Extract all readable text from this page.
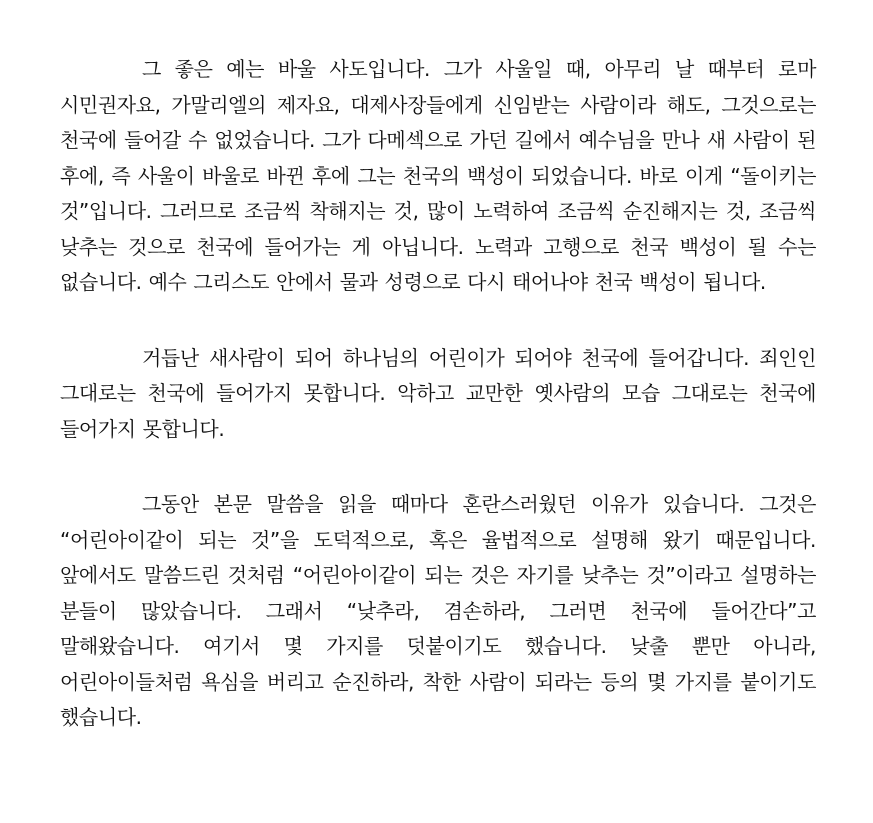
그 좋은 예는 바울 사도입니다. 그가 사울일 때, 아무리 날 때부터 로마 시민권자요, 가말리엘의 제자요, 대제사장들에게 신임받는 사람이라 해도, 그것으로는 천국에 들어갈 수 없었습니다. 그가 다메섹으로 가던 길에서 예수님을 만나 새 사람이 된 후에, 즉 사울이 바울로 바뀐 후에 그는 천국의 백성이 되었습니다. 바로 이게 “돌이키는 것”입니다. 그러므로 조금씩 착해지는 것, 많이 노력하여 조금씩 순진해지는 것, 조금씩 낮추는 것으로 천국에 들어가는 게 아닙니다. 노력과 고행으로 천국 백성이 될 수는 없습니다. 예수 그리스도 안에서 물과 성령으로 다시 태어나야 천국 백성이 됩니다.

거듭난 새사람이 되어 하나님의 어린이가 되어야 천국에 들어갑니다. 죄인인 그대로는 천국에 들어가지 못합니다. 악하고 교만한 옛사람의 모습 그대로는 천국에 들어가지 못합니다.

그동안 본문 말씀을 읽을 때마다 혼란스러웠던 이유가 있습니다. 그것은 “어린아이같이 되는 것”을 도덕적으로, 혹은 율법적으로 설명해 왔기 때문입니다. 앞에서도 말씀드린 것처럼 “어린아이같이 되는 것은 자기를 낮추는 것”이라고 설명하는 분들이 많았습니다. 그래서 “낮추라, 겸손하라, 그러면 천국에 들어간다”고 말해왔습니다. 여기서 몇 가지를 덧붙이기도 했습니다. 낮출 뿐만 아니라, 어린아이들처럼 욕심을 버리고 순진하라, 착한 사람이 되라는 등의 몇 가지를 붙이기도 했습니다.
